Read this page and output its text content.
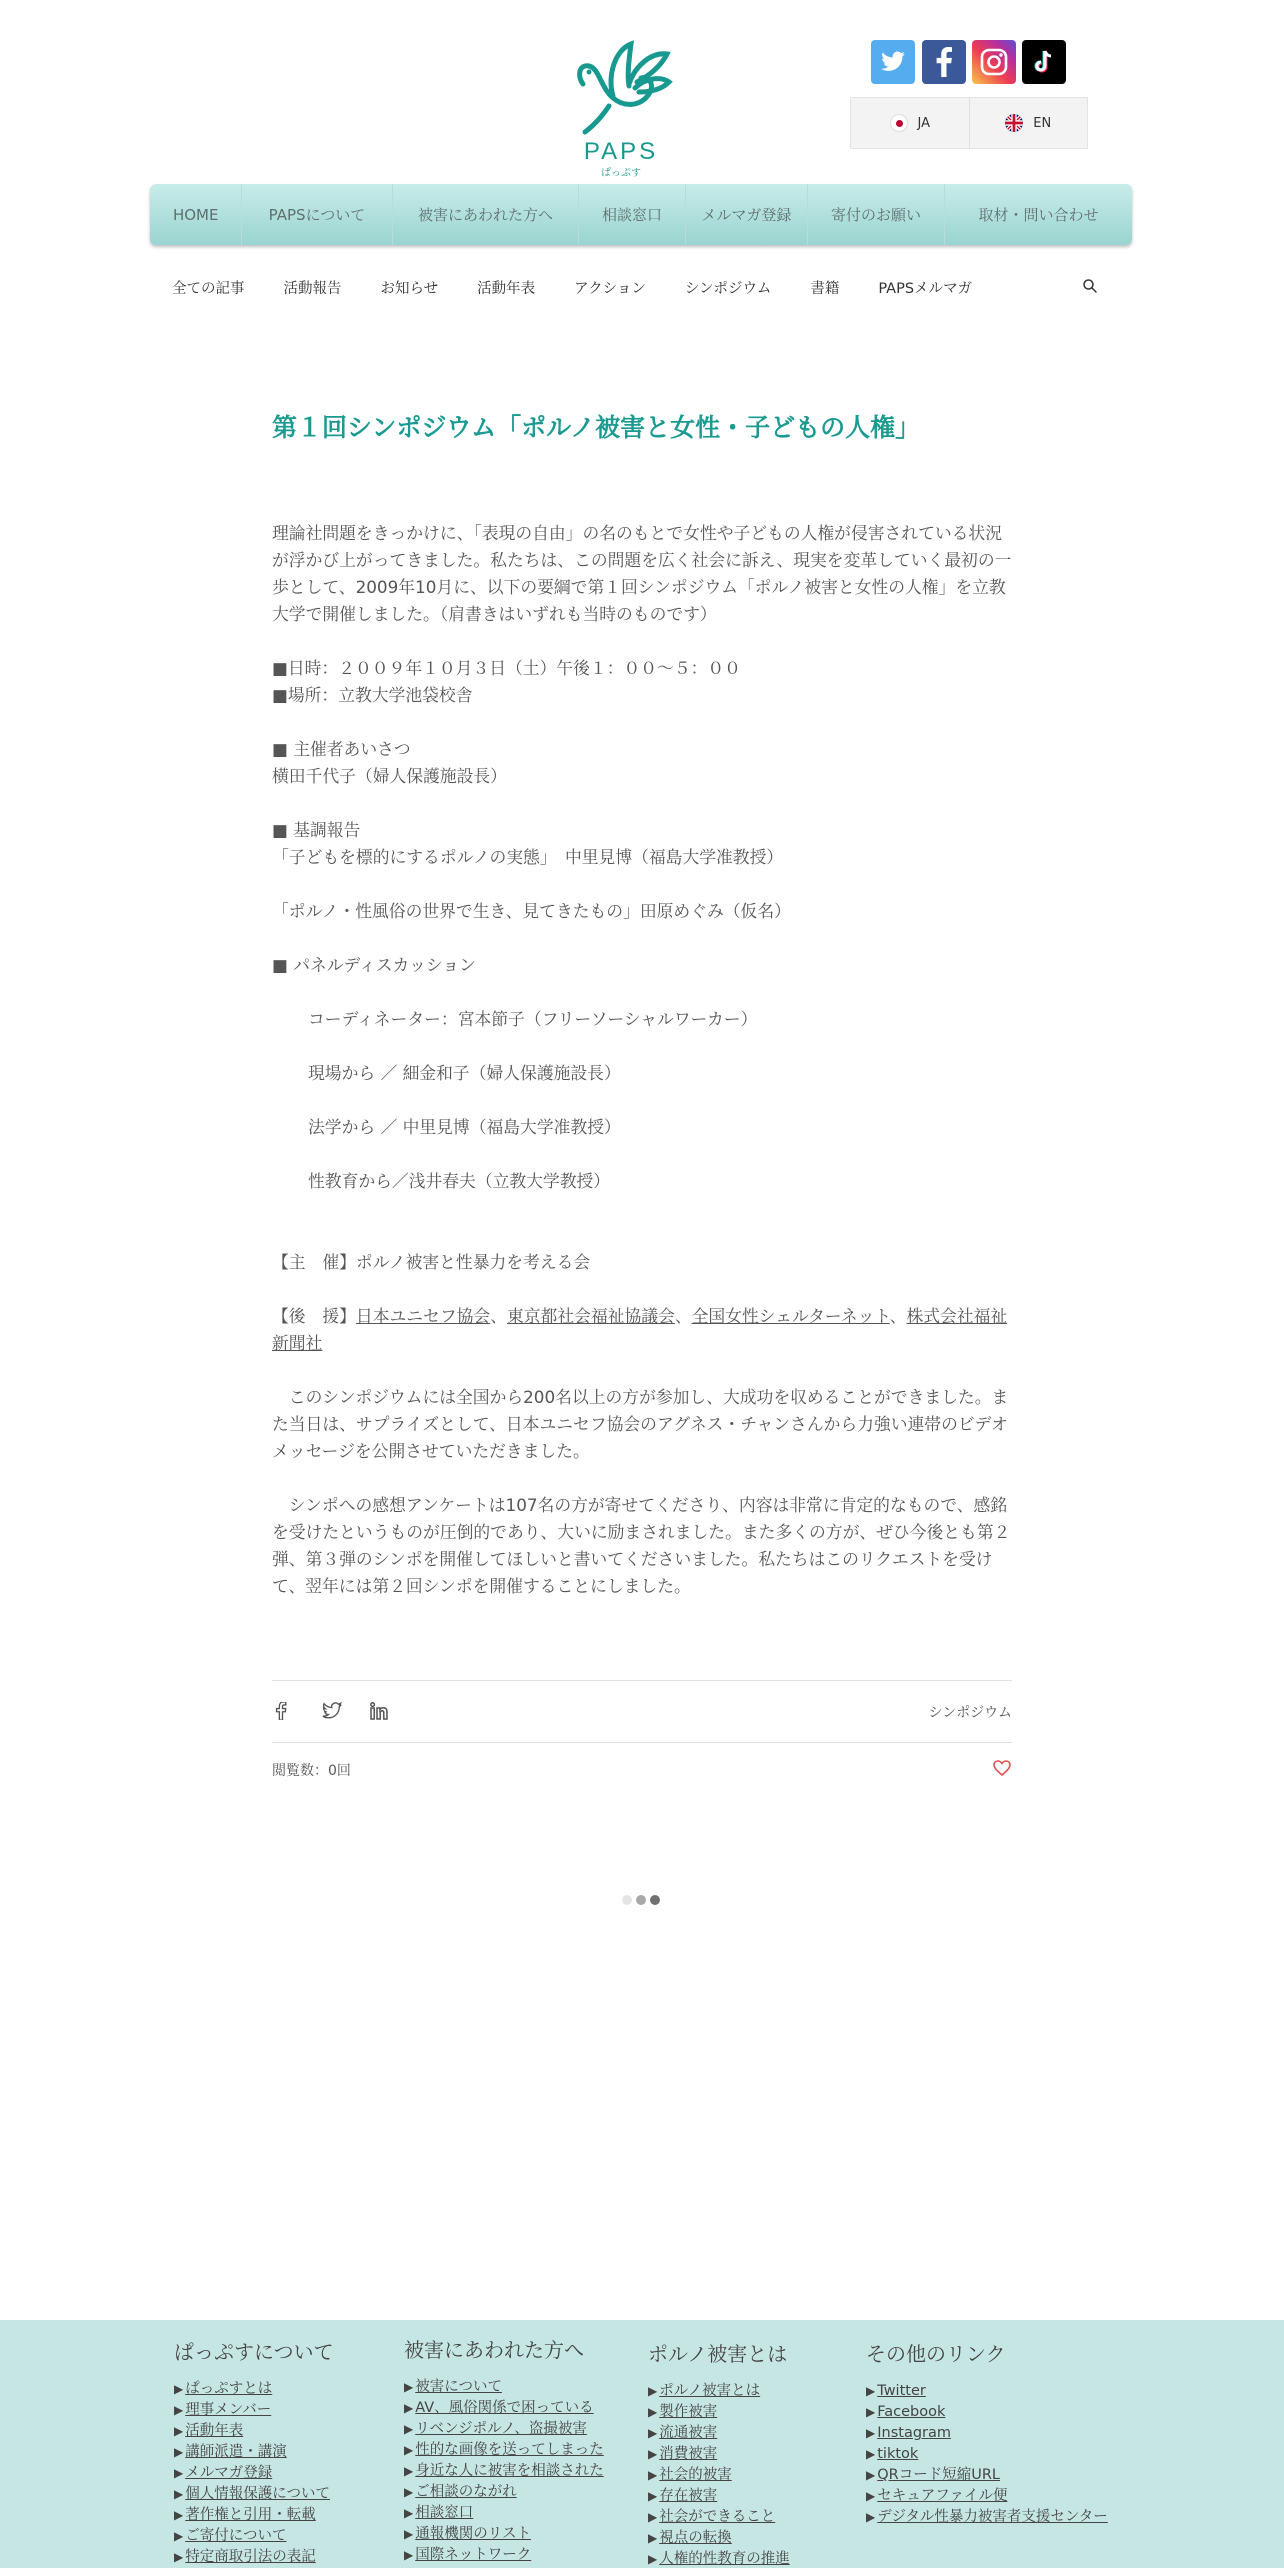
PAPS
ぱっぷす
JA	EN
HOME	PAPSについて	被害にあわれた方へ	相談窓口	メルマガ登録	寄付のお願い	取材・問い合わせ
全ての記事	活動報告	お知らせ	活動年表	アクション	シンポジウム	書籍	PAPSメルマガ
第１回シンポジウム「ポルノ被害と女性・子どもの人権」

理論社問題をきっかけに、「表現の自由」の名のもとで女性や子どもの人権が侵害されている状況が浮かび上がってきました。私たちは、この問題を広く社会に訴え、現実を変革していく最初の一歩として、2009年10月に、以下の要綱で第１回シンポジウム「ポルノ被害と女性の人権」を立教大学で開催しました。（肩書きはいずれも当時のものです）

■日時：２００９年１０月３日（土）午後１：００～５：００

■場所：立教大学池袋校舎

■ 主催者あいさつ

横田千代子（婦人保護施設長）

■ 基調報告

「子どもを標的にするポルノの実態」　中里見博（福島大学准教授）

「ポルノ・性風俗の世界で生き、見てきたもの」田原めぐみ（仮名）

■ パネルディスカッション

コーディネーター：宮本節子（フリーソーシャルワーカー）

現場から ／ 細金和子（婦人保護施設長）

法学から ／ 中里見博（福島大学准教授）

性教育から／浅井春夫（立教大学教授）

【主　催】ポルノ被害と性暴力を考える会

【後　援】日本ユニセフ協会、東京都社会福祉協議会、全国女性シェルターネット、株式会社福祉新聞社

　このシンポジウムには全国から200名以上の方が参加し、大成功を収めることができました。また当日は、サプライズとして、日本ユニセフ協会のアグネス・チャンさんから力強い連帯のビデオメッセージを公開させていただきました。

　シンポへの感想アンケートは107名の方が寄せてくださり、内容は非常に肯定的なもので、感銘を受けたというものが圧倒的であり、大いに励まされました。また多くの方が、ぜひ今後とも第２弾、第３弾のシンポを開催してほしいと書いてくださいました。私たちはこのリクエストを受けて、翌年には第２回シンポを開催することにしました。

シンポジウム
閲覧数：0回
ぱっぷすについて
▶ ぱっぷすとは
▶ 理事メンバー
▶ 活動年表
▶ 講師派遣・講演
▶ メルマガ登録
▶ 個人情報保護について
▶ 著作権と引用・転載
▶ ご寄付について
▶ 特定商取引法の表記
被害にあわれた方へ
▶ 被害について
▶ AV、風俗関係で困っている
▶ リベンジポルノ、盗撮被害
▶ 性的な画像を送ってしまった
▶ 身近な人に被害を相談された
▶ ご相談のながれ
▶ 相談窓口
▶ 通報機関のリスト
▶ 国際ネットワーク
ポルノ被害とは
▶ ポルノ被害とは
▶ 製作被害
▶ 流通被害
▶ 消費被害
▶ 社会的被害
▶ 存在被害
▶ 社会ができること
▶ 視点の転換
▶ 人権的性教育の推進
その他のリンク
▶ Twitter
▶ Facebook
▶ Instagram
▶ tiktok
▶ QRコード短縮URL
▶ セキュアファイル便
▶ デジタル性暴力被害者支援センター
